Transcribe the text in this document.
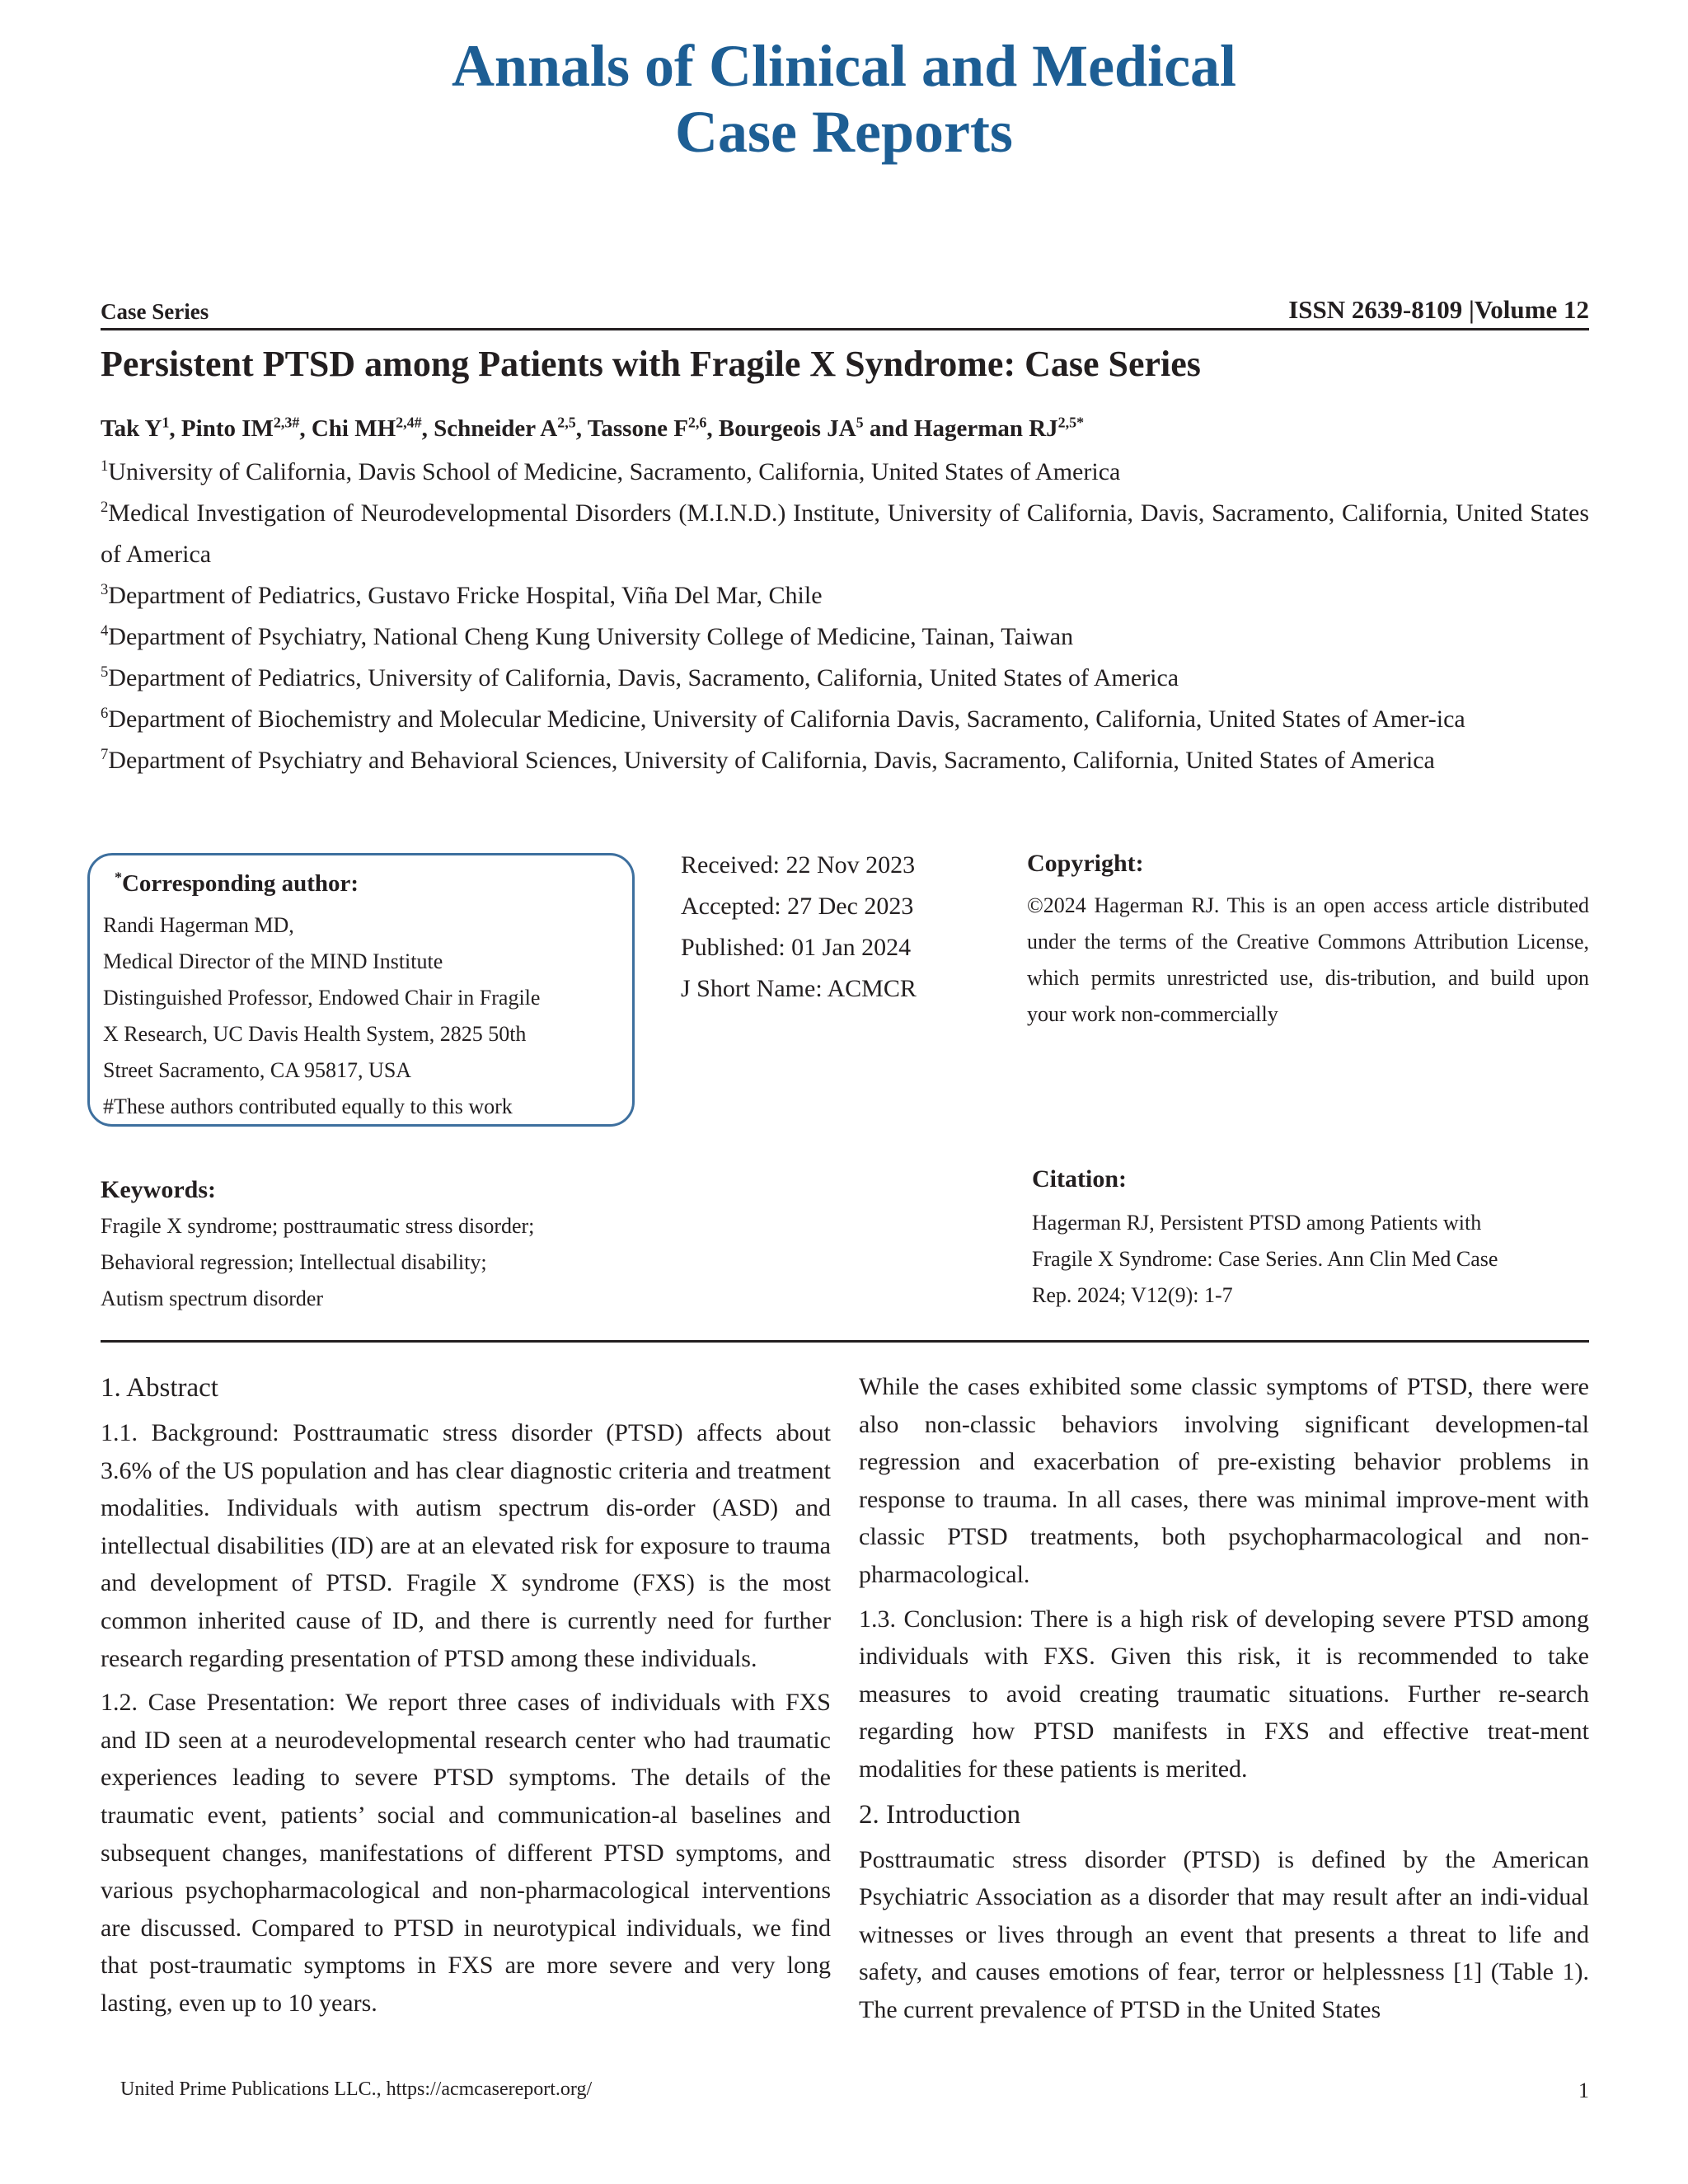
Annals of Clinical and Medical
Case Reports
Case Series	ISSN 2639-8109 |Volume 12
Persistent PTSD among Patients with Fragile X Syndrome: Case Series
Tak $Y^1$, Pinto $IM^{2,3\#}$, Chi $MH^{2,4\#}$, Schneider A$^{2,5}$, Tassone F$^{2,6}$, Bourgeois $JA^5$ and Hagerman $RJ^{2,5*}$

$^1$University of California, Davis School of Medicine, Sacramento, California, United States of America

$^2$Medical Investigation of Neurodevelopmental Disorders (M.I.N.D.) Institute, University of California, Davis, Sacramento, California, United States of America

$^3$Department of Pediatrics, Gustavo Fricke Hospital, Viña Del Mar, Chile

$^4$Department of Psychiatry, National Cheng Kung University College of Medicine, Tainan, Taiwan

$^5$Department of Pediatrics, University of California, Davis, Sacramento, California, United States of America

$^6$Department of Biochemistry and Molecular Medicine, University of California Davis, Sacramento, California, United States of Amer-ica

$^7$Department of Psychiatry and Behavioral Sciences, University of California, Davis, Sacramento, California, United States of America

*Corresponding author:
Randi Hagerman MD,
Medical Director of the MIND Institute
Distinguished Professor, Endowed Chair in Fragile
X Research, UC Davis Health System, 2825 50th
Street Sacramento, CA 95817, USA
#These authors contributed equally to this work
Received: 22 Nov 2023
Accepted: 27 Dec 2023
Published: 01 Jan 2024
J Short Name: ACMCR
Copyright:
©2024 Hagerman RJ. This is an open access article distributed under the terms of the Creative Commons Attribution License, which permits unrestricted use, dis-tribution, and build upon your work non-commercially
Keywords:
Fragile X syndrome; posttraumatic stress disorder;
Behavioral regression; Intellectual disability;
Autism spectrum disorder
Citation:
Hagerman RJ, Persistent PTSD among Patients with
Fragile X Syndrome: Case Series. Ann Clin Med Case
Rep. 2024; V12(9): 1-7
1. Abstract

1.1. Background: Posttraumatic stress disorder (PTSD) affects about 3.6% of the US population and has clear diagnostic criteria and treatment modalities. Individuals with autism spectrum dis-order (ASD) and intellectual disabilities (ID) are at an elevated risk for exposure to trauma and development of PTSD. Fragile X syndrome (FXS) is the most common inherited cause of ID, and there is currently need for further research regarding presentation of PTSD among these individuals.

1.2. Case Presentation: We report three cases of individuals with FXS and ID seen at a neurodevelopmental research center who had traumatic experiences leading to severe PTSD symptoms. The details of the traumatic event, patients’ social and communication-al baselines and subsequent changes, manifestations of different PTSD symptoms, and various psychopharmacological and non-pharmacological interventions are discussed. Compared to PTSD in neurotypical individuals, we find that post-traumatic symptoms in FXS are more severe and very long lasting, even up to 10 years.

While the cases exhibited some classic symptoms of PTSD, there were also non-classic behaviors involving significant developmen-tal regression and exacerbation of pre-existing behavior problems in response to trauma. In all cases, there was minimal improve-ment with classic PTSD treatments, both psychopharmacological and non-pharmacological.

1.3. Conclusion: There is a high risk of developing severe PTSD among individuals with FXS. Given this risk, it is recommended to take measures to avoid creating traumatic situations. Further re-search regarding how PTSD manifests in FXS and effective treat-ment modalities for these patients is merited.

2. Introduction

Posttraumatic stress disorder (PTSD) is defined by the American Psychiatric Association as a disorder that may result after an indi-vidual witnesses or lives through an event that presents a threat to life and safety, and causes emotions of fear, terror or helplessness [1] (Table 1). The current prevalence of PTSD in the United States

United Prime Publications LLC., https://acmcasereport.org/	1
